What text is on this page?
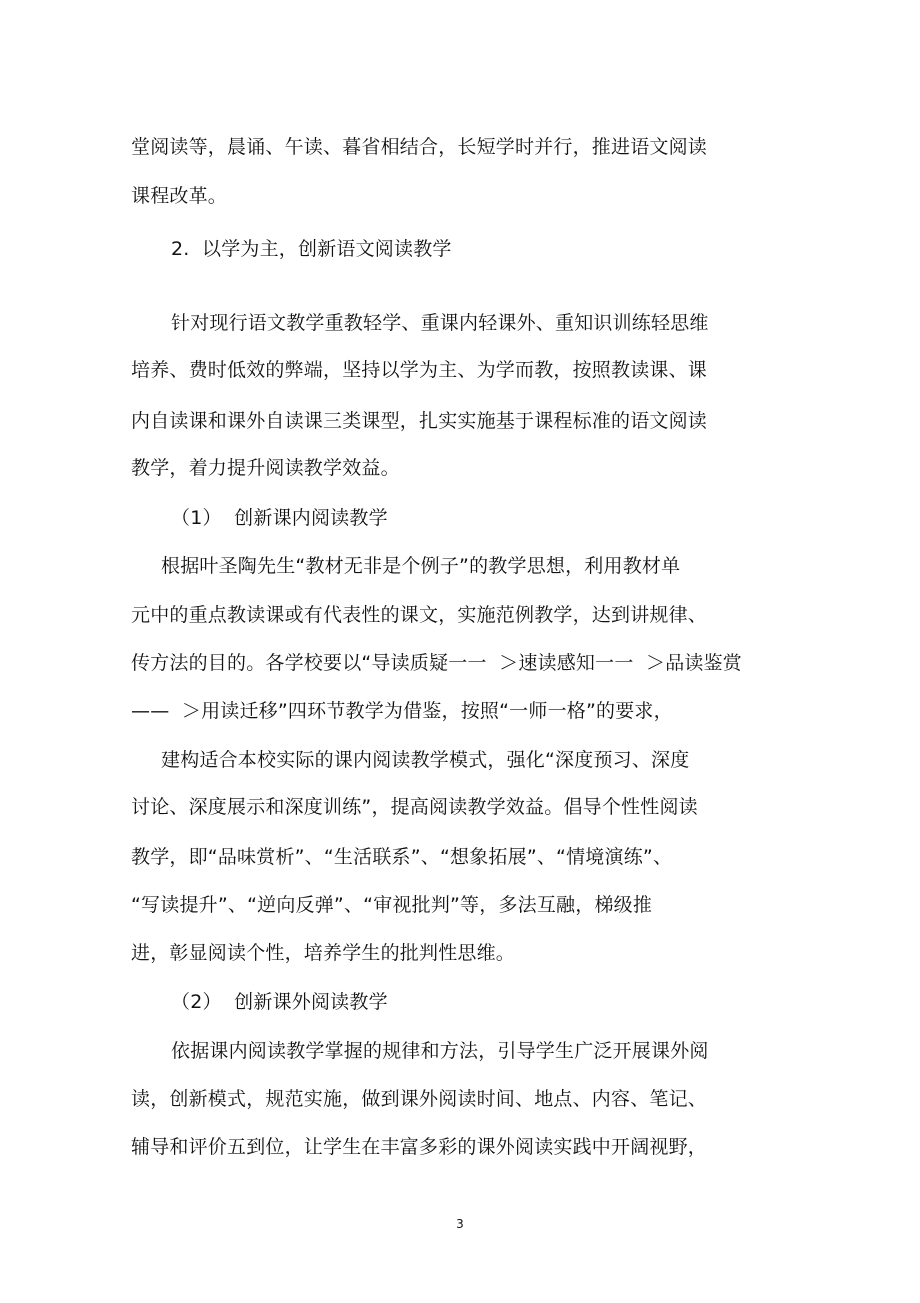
堂阅读等，晨诵、午读、暮省相结合，长短学时并行，推进语文阅读
课程改革。
2.  以学为主，创新语文阅读教学
针对现行语文教学重教轻学、重课内轻课外、重知识训练轻思维
培养、费时低效的弊端，坚持以学为主、为学而教，按照教读课、课
内自读课和课外自读课三类课型，扎实实施基于课程标准的语文阅读
教学，着力提升阅读教学效益。
（1）  创新课内阅读教学
根据叶圣陶先生“教材无非是个例子”的教学思想，利用教材单
元中的重点教读课或有代表性的课文，实施范例教学，达到讲规律、
传方法的目的。各学校要以“导读质疑一一  ＞速读感知一一  ＞品读鉴赏
——  ＞用读迁移”四环节教学为借鉴，按照“一师一格”的要求，
建构适合本校实际的课内阅读教学模式，强化“深度预习、深度
讨论、深度展示和深度训练”，提高阅读教学效益。倡导个性性阅读
教学，即“品味赏析”、“生活联系”、“想象拓展”、“情境演练”、
“写读提升”、“逆向反弹”、“审视批判”等，多法互融，梯级推
进，彰显阅读个性，培养学生的批判性思维。
（2）  创新课外阅读教学
依据课内阅读教学掌握的规律和方法，引导学生广泛开展课外阅
读，创新模式，规范实施，做到课外阅读时间、地点、内容、笔记、
辅导和评价五到位，让学生在丰富多彩的课外阅读实践中开阔视野，
3
